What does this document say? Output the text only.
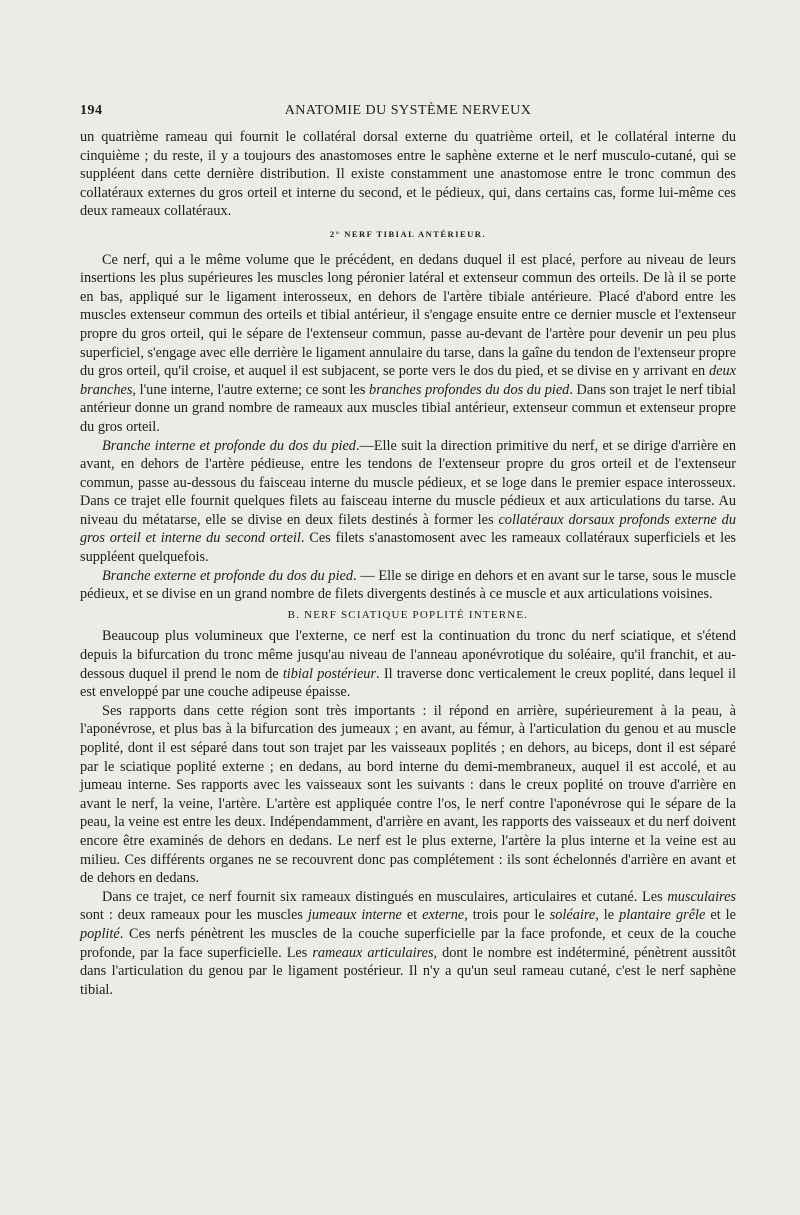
194	ANATOMIE DU SYSTÈME NERVEUX

un quatrième rameau qui fournit le collatéral dorsal externe du quatrième orteil, et le collatéral interne du cinquième ; du reste, il y a toujours des anastomoses entre le saphène externe et le nerf musculo-cutané, qui se suppléent dans cette dernière distribution. Il existe constamment une anastomose entre le tronc commun des collatéraux externes du gros orteil et interne du second, et le pédieux, qui, dans certains cas, forme lui-même ces deux rameaux collatéraux.

2° NERF TIBIAL ANTÉRIEUR.

Ce nerf, qui a le même volume que le précédent, en dedans duquel il est placé, perfore au niveau de leurs insertions les plus supérieures les muscles long péronier latéral et extenseur commun des orteils. De là il se porte en bas, appliqué sur le ligament interosseux, en dehors de l'artère tibiale antérieure. Placé d'abord entre les muscles extenseur commun des orteils et tibial antérieur, il s'engage ensuite entre ce dernier muscle et l'extenseur propre du gros orteil, qui le sépare de l'extenseur commun, passe au-devant de l'artère pour devenir un peu plus superficiel, s'engage avec elle derrière le ligament annulaire du tarse, dans la gaîne du tendon de l'extenseur propre du gros orteil, qu'il croise, et auquel il est subjacent, se porte vers le dos du pied, et se divise en y arrivant en deux branches, l'une interne, l'autre externe; ce sont les branches profondes du dos du pied. Dans son trajet le nerf tibial antérieur donne un grand nombre de rameaux aux muscles tibial antérieur, extenseur commun et extenseur propre du gros orteil.

Branche interne et profonde du dos du pied.—Elle suit la direction primitive du nerf, et se dirige d'arrière en avant, en dehors de l'artère pédieuse, entre les tendons de l'extenseur propre du gros orteil et de l'extenseur commun, passe au-dessous du faisceau interne du muscle pédieux, et se loge dans le premier espace interosseux. Dans ce trajet elle fournit quelques filets au faisceau interne du muscle pédieux et aux articulations du tarse. Au niveau du métatarse, elle se divise en deux filets destinés à former les collatéraux dorsaux profonds externe du gros orteil et interne du second orteil. Ces filets s'anastomosent avec les rameaux collatéraux superficiels et les suppléent quelquefois.

Branche externe et profonde du dos du pied. — Elle se dirige en dehors et en avant sur le tarse, sous le muscle pédieux, et se divise en un grand nombre de filets divergents destinés à ce muscle et aux articulations voisines.

B. NERF SCIATIQUE POPLITÉ INTERNE.

Beaucoup plus volumineux que l'externe, ce nerf est la continuation du tronc du nerf sciatique, et s'étend depuis la bifurcation du tronc même jusqu'au niveau de l'anneau aponévrotique du soléaire, qu'il franchit, et au-dessous duquel il prend le nom de tibial postérieur. Il traverse donc verticalement le creux poplité, dans lequel il est enveloppé par une couche adipeuse épaisse.

Ses rapports dans cette région sont très importants : il répond en arrière, supérieurement à la peau, à l'aponévrose, et plus bas à la bifurcation des jumeaux ; en avant, au fémur, à l'articulation du genou et au muscle poplité, dont il est séparé dans tout son trajet par les vaisseaux poplités ; en dehors, au biceps, dont il est séparé par le sciatique poplité externe ; en dedans, au bord interne du demi-membraneux, auquel il est accolé, et au jumeau interne. Ses rapports avec les vaisseaux sont les suivants : dans le creux poplité on trouve d'arrière en avant le nerf, la veine, l'artère. L'artère est appliquée contre l'os, le nerf contre l'aponévrose qui le sépare de la peau, la veine est entre les deux. Indépendamment, d'arrière en avant, les rapports des vaisseaux et du nerf doivent encore être examinés de dehors en dedans. Le nerf est le plus externe, l'artère la plus interne et la veine est au milieu. Ces différents organes ne se recouvrent donc pas complétement : ils sont échelonnés d'arrière en avant et de dehors en dedans.

Dans ce trajet, ce nerf fournit six rameaux distingués en musculaires, articulaires et cutané. Les musculaires sont : deux rameaux pour les muscles jumeaux interne et externe, trois pour le soléaire, le plantaire grêle et le poplité. Ces nerfs pénètrent les muscles de la couche superficielle par la face profonde, et ceux de la couche profonde, par la face superficielle. Les rameaux articulaires, dont le nombre est indéterminé, pénètrent aussitôt dans l'articulation du genou par le ligament postérieur. Il n'y a qu'un seul rameau cutané, c'est le nerf saphène tibial.
